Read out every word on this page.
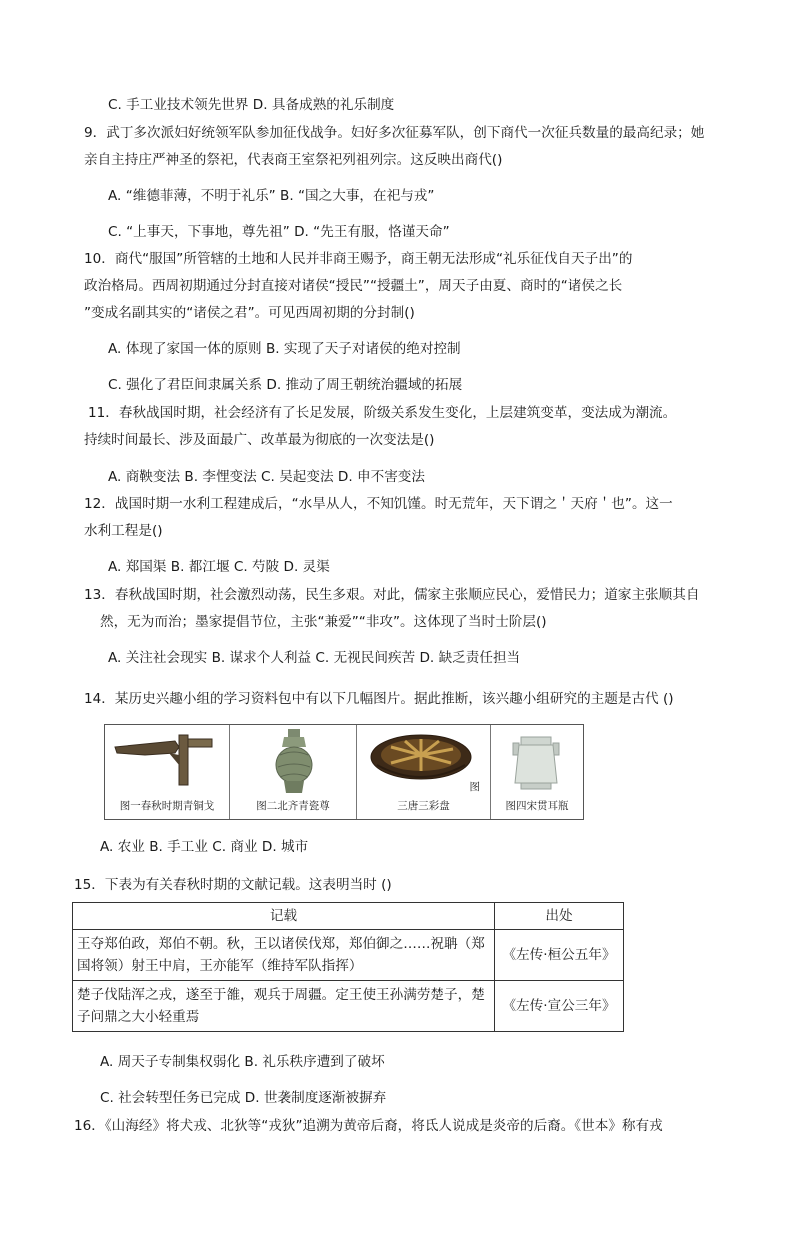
C. 手工业技术领先世界 D. 具备成熟的礼乐制度
9．武丁多次派妇好统领军队参加征伐战争。妇好多次征募军队，创下商代一次征兵数量的最高纪录；她
亲自主持庄严神圣的祭祀，代表商王室祭祀列祖列宗。这反映出商代()
A. “维德菲薄，不明于礼乐” B. “国之大事，在祀与戎”
C. “上事天，下事地，尊先祖” D. “先王有服，恪谨天命”
10．商代“服国”所管辖的土地和人民并非商王赐予，商王朝无法形成“礼乐征伐自天子出”的
政治格局。西周初期通过分封直接对诸侯“授民”“授疆土”，周天子由夏、商时的“诸侯之长
”变成名副其实的“诸侯之君”。可见西周初期的分封制()
A. 体现了家国一体的原则 B. 实现了天子对诸侯的绝对控制
C. 强化了君臣间隶属关系 D. 推动了周王朝统治疆域的拓展
11．春秋战国时期，社会经济有了长足发展，阶级关系发生变化，上层建筑变革，变法成为潮流。
持续时间最长、涉及面最广、改革最为彻底的一次变法是()
A. 商鞅变法 B. 李悝变法 C. 吴起变法 D. 申不害变法
12．战国时期一水利工程建成后，“水旱从人，不知饥馑。时无荒年，天下谓之＇天府＇也”。这一
水利工程是()
A. 郑国渠 B. 都江堰 C. 芍陂 D. 灵渠
13．春秋战国时期，社会激烈动荡，民生多艰。对此，儒家主张顺应民心，爱惜民力；道家主张顺其自
然，无为而治；墨家提倡节位，主张“兼爱”“非攻”。这体现了当时士阶层()
A. 关注社会现实 B. 谋求个人利益 C. 无视民间疾苦 D. 缺乏责任担当
14．某历史兴趣小组的学习资料包中有以下几幅图片。据此推断，该兴趣小组研究的主题是古代 ()
图一春秋时期青铜戈	图二北齐青瓷尊
图
三唐三彩盘	图四宋贯耳瓶
A. 农业 B. 手工业 C. 商业 D. 城市
15．下表为有关春秋时期的文献记载。这表明当时 ()
记载	出处
王夺郑伯政，郑伯不朝。秋，王以诸侯伐郑，郑伯御之……祝聃（郑国将领）射王中肩，王亦能军（维持军队指挥）	《左传·桓公五年》
楚子伐陆浑之戎，遂至于雒，观兵于周疆。定王使王孙满劳楚子，楚子问鼎之大小轻重焉	《左传·宣公三年》
A. 周天子专制集权弱化 B. 礼乐秩序遭到了破坏
C. 社会转型任务已完成 D. 世袭制度逐渐被摒弃
16．《山海经》将犬戎、北狄等“戎狄”追溯为黄帝后裔，将氐人说成是炎帝的后裔。《世本》称有戎
